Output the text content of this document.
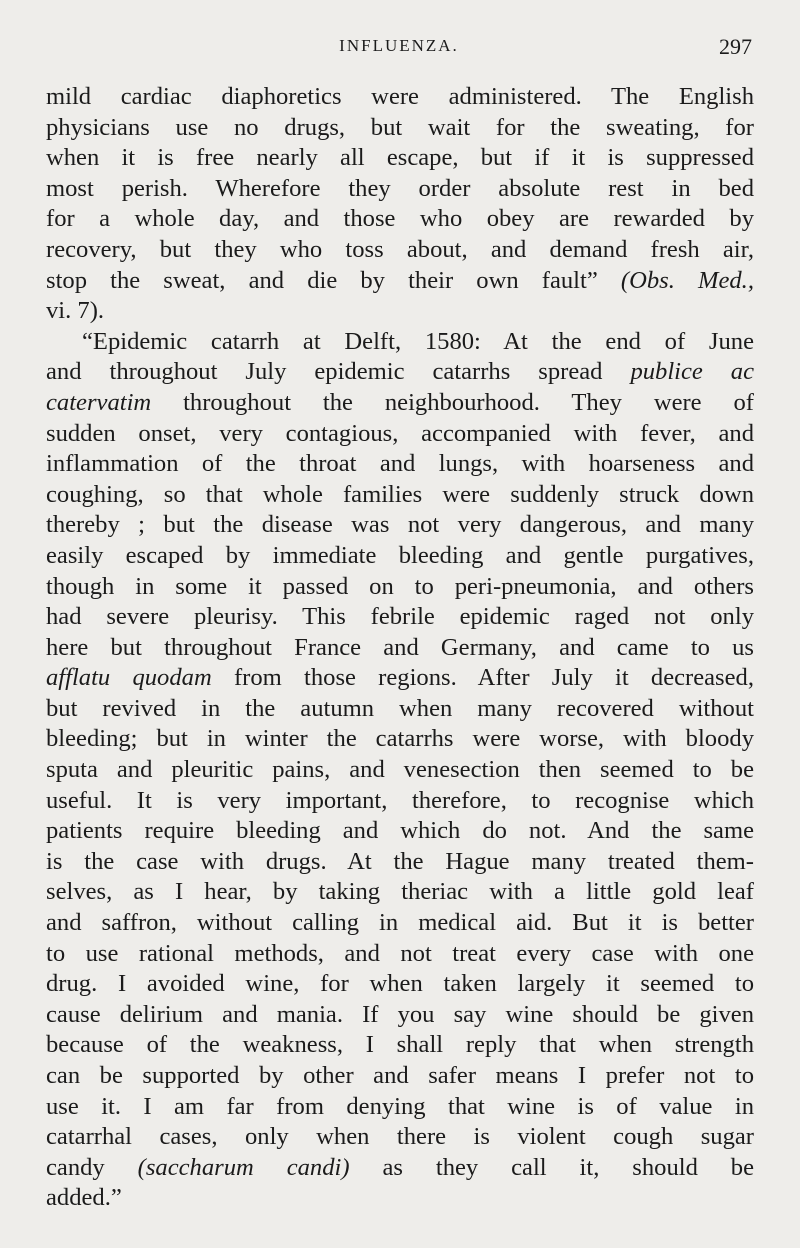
INFLUENZA.	297
mild cardiac diaphoretics were administered. The English
physicians use no drugs, but wait for the sweating, for
when it is free nearly all escape, but if it is suppressed
most perish. Wherefore they order absolute rest in bed
for a whole day, and those who obey are rewarded by
recovery, but they who toss about, and demand fresh air,
stop the sweat, and die by their own fault” (Obs. Med.,
vi. 7).
“Epidemic catarrh at Delft, 1580: At the end of June
and throughout July epidemic catarrhs spread publice ac
catervatim throughout the neighbourhood. They were of
sudden onset, very contagious, accompanied with fever, and
inflammation of the throat and lungs, with hoarseness and
coughing, so that whole families were suddenly struck down
thereby ; but the disease was not very dangerous, and many
easily escaped by immediate bleeding and gentle purgatives,
though in some it passed on to peri-pneumonia, and others
had severe pleurisy. This febrile epidemic raged not only
here but throughout France and Germany, and came to us
afflatu quodam from those regions. After July it decreased,
but revived in the autumn when many recovered without
bleeding; but in winter the catarrhs were worse, with bloody
sputa and pleuritic pains, and venesection then seemed to be
useful. It is very important, therefore, to recognise which
patients require bleeding and which do not. And the same
is the case with drugs. At the Hague many treated them-
selves, as I hear, by taking theriac with a little gold leaf
and saffron, without calling in medical aid. But it is better
to use rational methods, and not treat every case with one
drug. I avoided wine, for when taken largely it seemed to
cause delirium and mania. If you say wine should be given
because of the weakness, I shall reply that when strength
can be supported by other and safer means I prefer not to
use it. I am far from denying that wine is of value in
catarrhal cases, only when there is violent cough sugar
candy (saccharum candi) as they call it, should be
added.”
